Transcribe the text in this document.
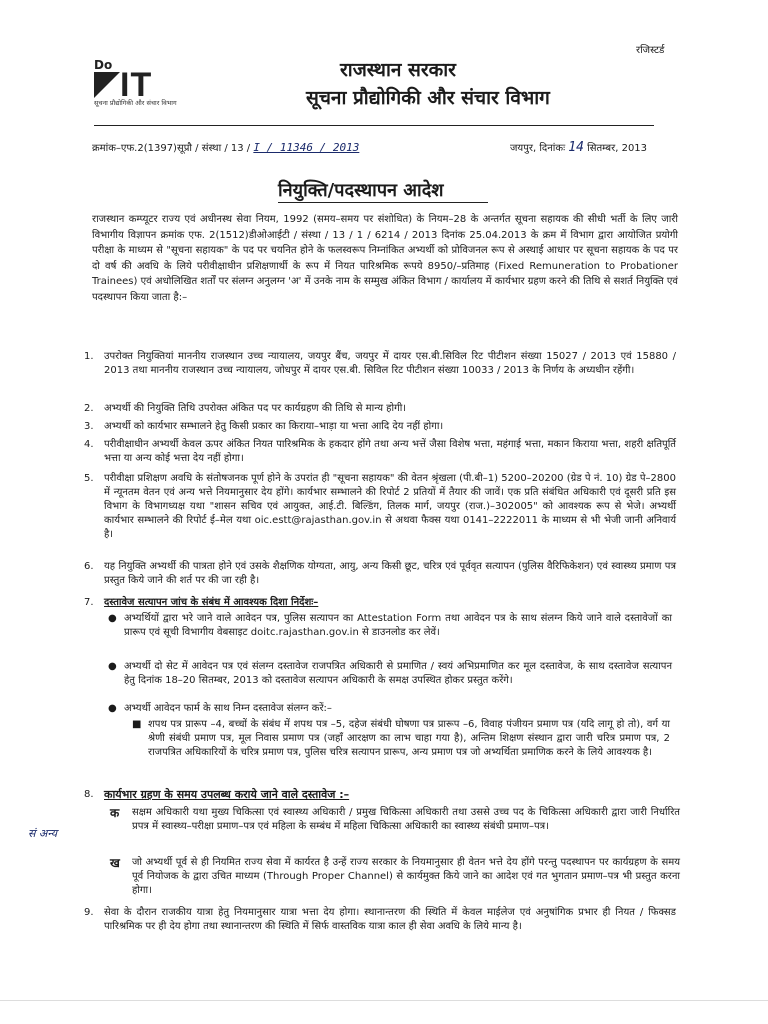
Do
IT
सूचना प्रौद्योगिकी और संचार विभाग
रजिस्टर्ड
राजस्थान सरकार
सूचना प्रौद्योगिकी और संचार विभाग
क्रमांक–एफ.2(1397)सूप्रौ / संस्था / 13 / I / 11346 / 2013	जयपुर, दिनांकः 14 सितम्बर, 2013
नियुक्ति/पदस्थापन आदेश
राजस्थान कम्प्यूटर राज्य एवं अधीनस्थ सेवा नियम, 1992 (समय–समय पर संशोधित) के नियम–28 के अन्तर्गत सूचना सहायक की सीधी भर्ती के लिए जारी विभागीय विज्ञापन क्रमांक एफ. 2(1512)डीओआईटी / संस्था / 13 / 1 / 6214 / 2013 दिनांक 25.04.2013 के क्रम में विभाग द्वारा आयोजित प्रयोगी परीक्षा के माध्यम से "सूचना सहायक" के पद पर चयनित होने के फलस्वरूप निम्नांकित अभ्यर्थी को प्रोविजनल रूप से अस्थाई आधार पर सूचना सहायक के पद पर दो वर्ष की अवधि के लिये परीवीक्षाधीन प्रशिक्षणार्थी के रूप में नियत पारिश्रमिक रूपये 8950/–प्रतिमाह (Fixed Remuneration to Probationer Trainees) एवं अधोलिखित शर्तों पर संलग्न अनुलग्न 'अ' में उनके नाम के सम्मुख अंकित विभाग / कार्यालय में कार्यभार ग्रहण करने की तिथि से सशर्त नियुक्ति एवं पदस्थापन किया जाता है:–
1.	उपरोक्त नियुक्तियां माननीय राजस्थान उच्च न्यायालय, जयपुर बैंच, जयपुर में दायर एस.बी.सिविल रिट पीटीशन संख्या 15027 / 2013 एवं 15880 / 2013 तथा माननीय राजस्थान उच्च न्यायालय, जोधपुर में दायर एस.बी. सिविल रिट पीटीशन संख्या 10033 / 2013 के निर्णय के अध्यधीन रहेंगी।
2.	अभ्यर्थी की नियुक्ति तिथि उपरोक्त अंकित पद पर कार्यग्रहण की तिथि से मान्य होगी।
3.	अभ्यर्थी को कार्यभार सम्भालने हेतु किसी प्रकार का किराया–भाड़ा या भत्ता आदि देय नहीं होगा।
4.	परीवीक्षाधीन अभ्यर्थी केवल ऊपर अंकित नियत पारिश्रमिक के हकदार होंगे तथा अन्य भत्तें जैसा विशेष भत्ता, महंगाई भत्ता, मकान किराया भत्ता, शहरी क्षतिपूर्ति भत्ता या अन्य कोई भत्ता देय नहीं होगा।
5.	परीवीक्षा प्रशिक्षण अवधि के संतोषजनक पूर्ण होने के उपरांत ही "सूचना सहायक" की वेतन श्रृंखला (पी.बी–1) 5200–20200 (ग्रेड पे नं. 10) ग्रेड पे–2800 में न्यूनतम वेतन एवं अन्य भत्ते नियमानुसार देय होंगे। कार्यभार सम्भालने की रिपोर्ट 2 प्रतियों में तैयार की जावें। एक प्रति संबंधित अधिकारी एवं दूसरी प्रति इस विभाग के विभागध्यक्ष यथा "शासन सचिव एवं आयुक्त, आई.टी. बिल्डिंग, तिलक मार्ग, जयपुर (राज.)–302005" को आवश्यक रूप से भेजे। अभ्यर्थी कार्यभार सम्भालने की रिपोर्ट ई–मेल यथा oic.estt@rajasthan.gov.in से अथवा फैक्स यथा 0141–2222011 के माध्यम से भी भेजी जानी अनिवार्य है।
6.	यह नियुक्ति अभ्यर्थी की पात्रता होने एवं उसके शैक्षणिक योग्यता, आयु, अन्य किसी छूट, चरित्र एवं पूर्ववृत सत्यापन (पुलिस वैरिफिकेशन) एवं स्वास्थ्य प्रमाण पत्र प्रस्तुत किये जाने की शर्त पर की जा रही है।
7.	दस्तावेज सत्यापन जांच के संबंध में आवश्यक दिशा निर्देशः–
● अभ्यर्थियों द्वारा भरे जाने वाले आवेदन पत्र, पुलिस सत्यापन का Attestation Form तथा आवेदन पत्र के साथ संलग्न किये जाने वाले दस्तावेजों का प्रारूप एवं सूची विभागीय वेबसाइट doitc.rajasthan.gov.in से डाउनलोड कर लेवें।
● अभ्यर्थी दो सेट में आवेदन पत्र एवं संलग्न दस्तावेज राजपत्रित अधिकारी से प्रमाणित / स्वयं अभिप्रमाणित कर मूल दस्तावेज, के साथ दस्तावेज सत्यापन हेतु दिनांक 18–20 सितम्बर, 2013 को दस्तावेज सत्यापन अधिकारी के समक्ष उपस्थित होकर प्रस्तुत करेंगे।
● अभ्यर्थी आवेदन फार्म के साथ निम्न दस्तावेज संलग्न करें:–
■ शपथ पत्र प्रारूप –4, बच्चों के संबंध में शपथ पत्र –5, दहेज संबंधी घोषणा पत्र प्रारूप –6, विवाह पंजीयन प्रमाण पत्र (यदि लागू हो तो), वर्ग या श्रेणी संबंधी प्रमाण पत्र, मूल निवास प्रमाण पत्र (जहाँ आरक्षण का लाभ चाहा गया है), अन्तिम शिक्षण संस्थान द्वारा जारी चरित्र प्रमाण पत्र, 2 राजपत्रित अधिकारियों के चरित्र प्रमाण पत्र, पुलिस चरित्र सत्यापन प्रारूप, अन्य प्रमाण पत्र जो अभ्यर्थिता प्रमाणिक करने के लिये आवश्यक है।
8. कार्यभार ग्रहण के समय उपलब्ध कराये जाने वाले दस्तावेज :–
क सक्षम अधिकारी यथा मुख्य चिकित्सा एवं स्वास्थ्य अधिकारी / प्रमुख चिकित्सा अधिकारी तथा उससे उच्च पद के चिकित्सा अधिकारी द्वारा जारी निर्धारित प्रपत्र में स्वास्थ्य–परीक्षा प्रमाण–पत्र एवं महिला के सम्बंध में महिला चिकित्सा अधिकारी का स्वास्थ्य संबंधी प्रमाण–पत्र।
ख जो अभ्यर्थी पूर्व से ही नियमित राज्य सेवा में कार्यरत है उन्हें राज्य सरकार के नियमानुसार ही वेतन भत्ते देय होंगे परन्तु पदस्थापन पर कार्यग्रहण के समय पूर्व नियोजक के द्वारा उचित माध्यम (Through Proper Channel) से कार्यमुक्त किये जाने का आदेश एवं गत भुगतान प्रमाण–पत्र भी प्रस्तुत करना होगा।
9.	सेवा के दौरान राजकीय यात्रा हेतु नियमानुसार यात्रा भत्ता देय होगा। स्थानान्तरण की स्थिति में केवल माईलेज एवं अनुषांगिक प्रभार ही नियत / फिक्सड पारिश्रमिक पर ही देय होगा तथा स्थानान्तरण की स्थिति में सिर्फ वास्तविक यात्रा काल ही सेवा अवधि के लिये मान्य है।
सं अन्य
